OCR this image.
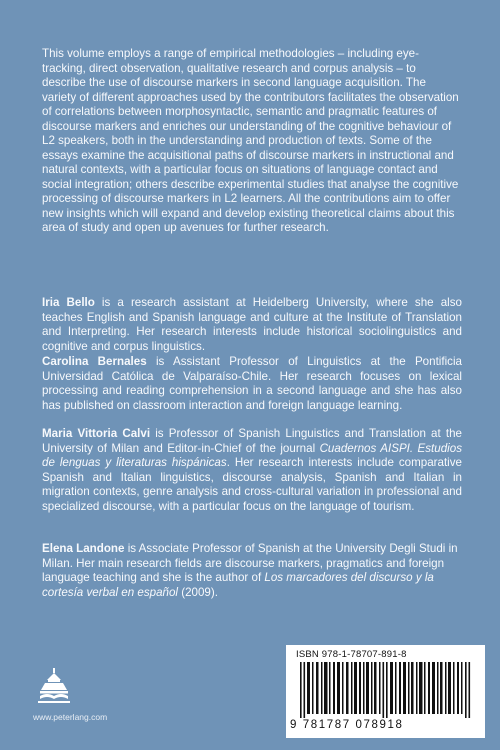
This volume employs a range of empirical methodologies – including eye-tracking, direct observation, qualitative research and corpus analysis – to describe the use of discourse markers in second language acquisition. The variety of different approaches used by the contributors facilitates the observation of correlations between morphosyntactic, semantic and pragmatic features of discourse markers and enriches our understanding of the cognitive behaviour of L2 speakers, both in the understanding and production of texts. Some of the essays examine the acquisitional paths of discourse markers in instructional and natural contexts, with a particular focus on situations of language contact and social integration; others describe experimental studies that analyse the cognitive processing of discourse markers in L2 learners. All the contributions aim to offer new insights which will expand and develop existing theoretical claims about this area of study and open up avenues for further research.

Iria Bello is a research assistant at Heidelberg University, where she also teaches English and Spanish language and culture at the Institute of Translation and Interpreting. Her research interests include historical sociolinguistics and cognitive and corpus linguistics.

Carolina Bernales is Assistant Professor of Linguistics at the Pontificia Universidad Católica de Valparaíso-Chile. Her research focuses on lexical processing and reading comprehension in a second language and she has also has published on classroom interaction and foreign language learning.

Maria Vittoria Calvi is Professor of Spanish Linguistics and Translation at the University of Milan and Editor-in-Chief of the journal Cuadernos AISPI. Estudios de lenguas y literaturas hispánicas. Her research interests include comparative Spanish and Italian linguistics, discourse analysis, Spanish and Italian in migration contexts, genre analysis and cross-cultural variation in professional and specialized discourse, with a particular focus on the language of tourism.

Elena Landone is Associate Professor of Spanish at the University Degli Studi in Milan. Her main research fields are discourse markers, pragmatics and foreign language teaching and she is the author of Los marcadores del discurso y la cortesía verbal en español (2009).

www.peterlang.com
ISBN 978-1-78707-891-8
9 781787 078918
